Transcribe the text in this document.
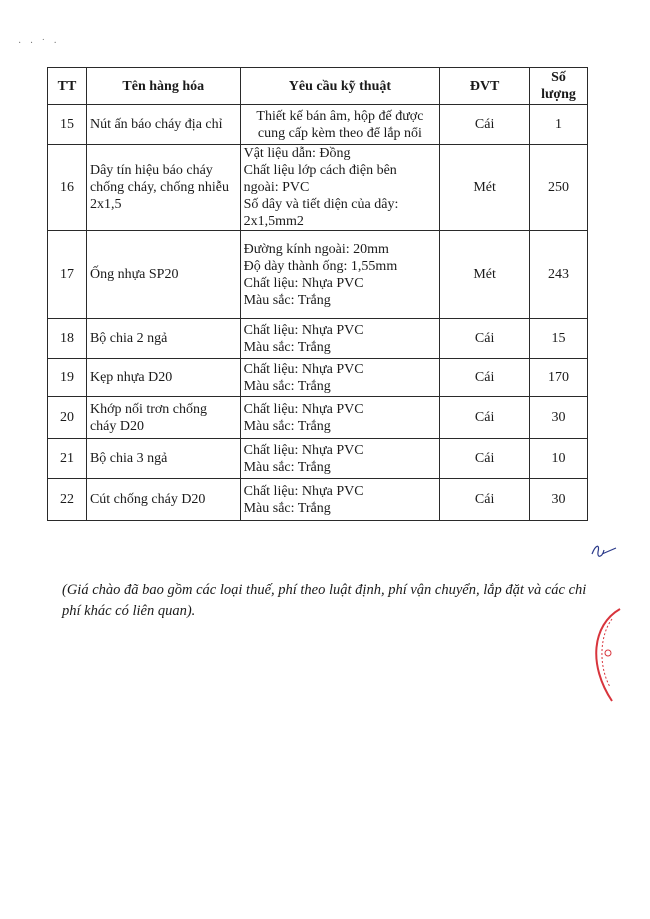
· · ˙ ·
TT	Tên hàng hóa	Yêu cầu kỹ thuật	ĐVT	Số
lượng
15	Nút ấn báo cháy địa chỉ	Thiết kế bán âm, hộp đế được
cung cấp kèm theo để lắp nổi	Cái	1
16	Dây tín hiệu báo cháy
chống cháy, chống nhiễu
2x1,5	Vật liệu dẫn: Đồng
Chất liệu lớp cách điện bên
ngoài: PVC
Số dây và tiết diện của dây:
2x1,5mm2	Mét	250
17	Ống nhựa SP20	Đường kính ngoài: 20mm
Độ dày thành ống: 1,55mm
Chất liệu: Nhựa PVC
Màu sắc: Trắng	Mét	243
18	Bộ chia 2 ngả	Chất liệu: Nhựa PVC
Màu sắc: Trắng	Cái	15
19	Kẹp nhựa D20	Chất liệu: Nhựa PVC
Màu sắc: Trắng	Cái	170
20	Khớp nối trơn chống
cháy D20	Chất liệu: Nhựa PVC
Màu sắc: Trắng	Cái	30
21	Bộ chia 3 ngả	Chất liệu: Nhựa PVC
Màu sắc: Trắng	Cái	10
22	Cút chống cháy D20	Chất liệu: Nhựa PVC
Màu sắc: Trắng	Cái	30
(Giá chào đã bao gồm các loại thuế, phí theo luật định, phí vận chuyển, lắp đặt và các chi phí khác có liên quan).
